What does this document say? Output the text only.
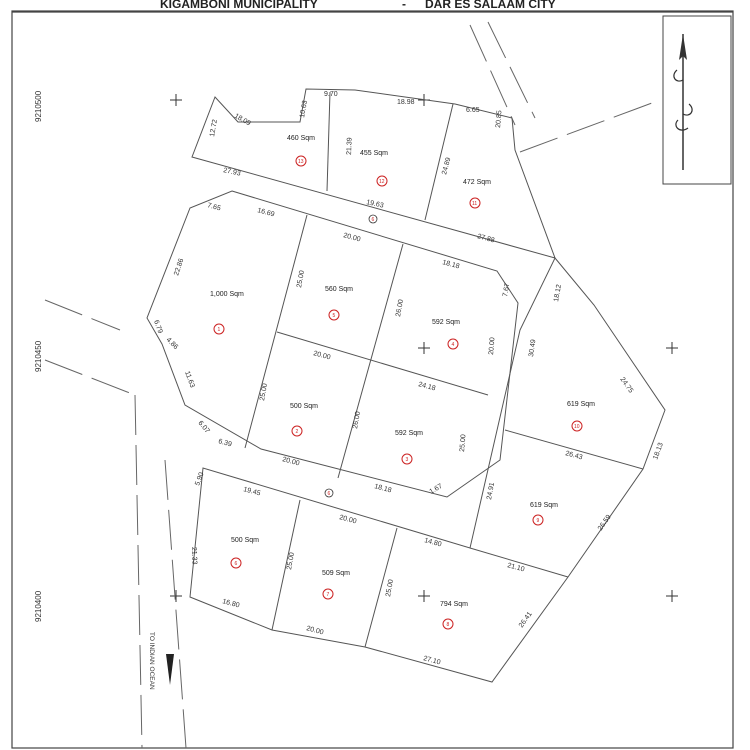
KIGAMBONI MUNICIPALITY	- DAR ES SALAAM CITY
9210500
9210450
9210400
TO INDIAN OCEAN
6
6
1,000 Sqm
500 Sqm
592 Sqm
592 Sqm
560 Sqm
500 Sqm
509 Sqm
794 Sqm
619 Sqm
619 Sqm
472 Sqm
455 Sqm
460 Sqm
1
2
3
4
5
6
7
8
9
10
11
12
13
9.70
18.98
6.65
12.72 18.09
10.63
21.39
24.89
20.85
27.93
19.63
27.88
7.65	16.69
20.00
18.18
22.86
25.00
26.00
7.67
6.79
4.86
11.63
20.00
20.00
24.18
18.12
30.49
24.75
25.00
26.00
25.00
6.07
6.39
20.00
18.18	1.67
26.43	18.13
24.91
5.90
19.45
20.00
14.80
21.33	25.00
25.00
21.10
26.59
16.80
20.00
27.10
26.41
